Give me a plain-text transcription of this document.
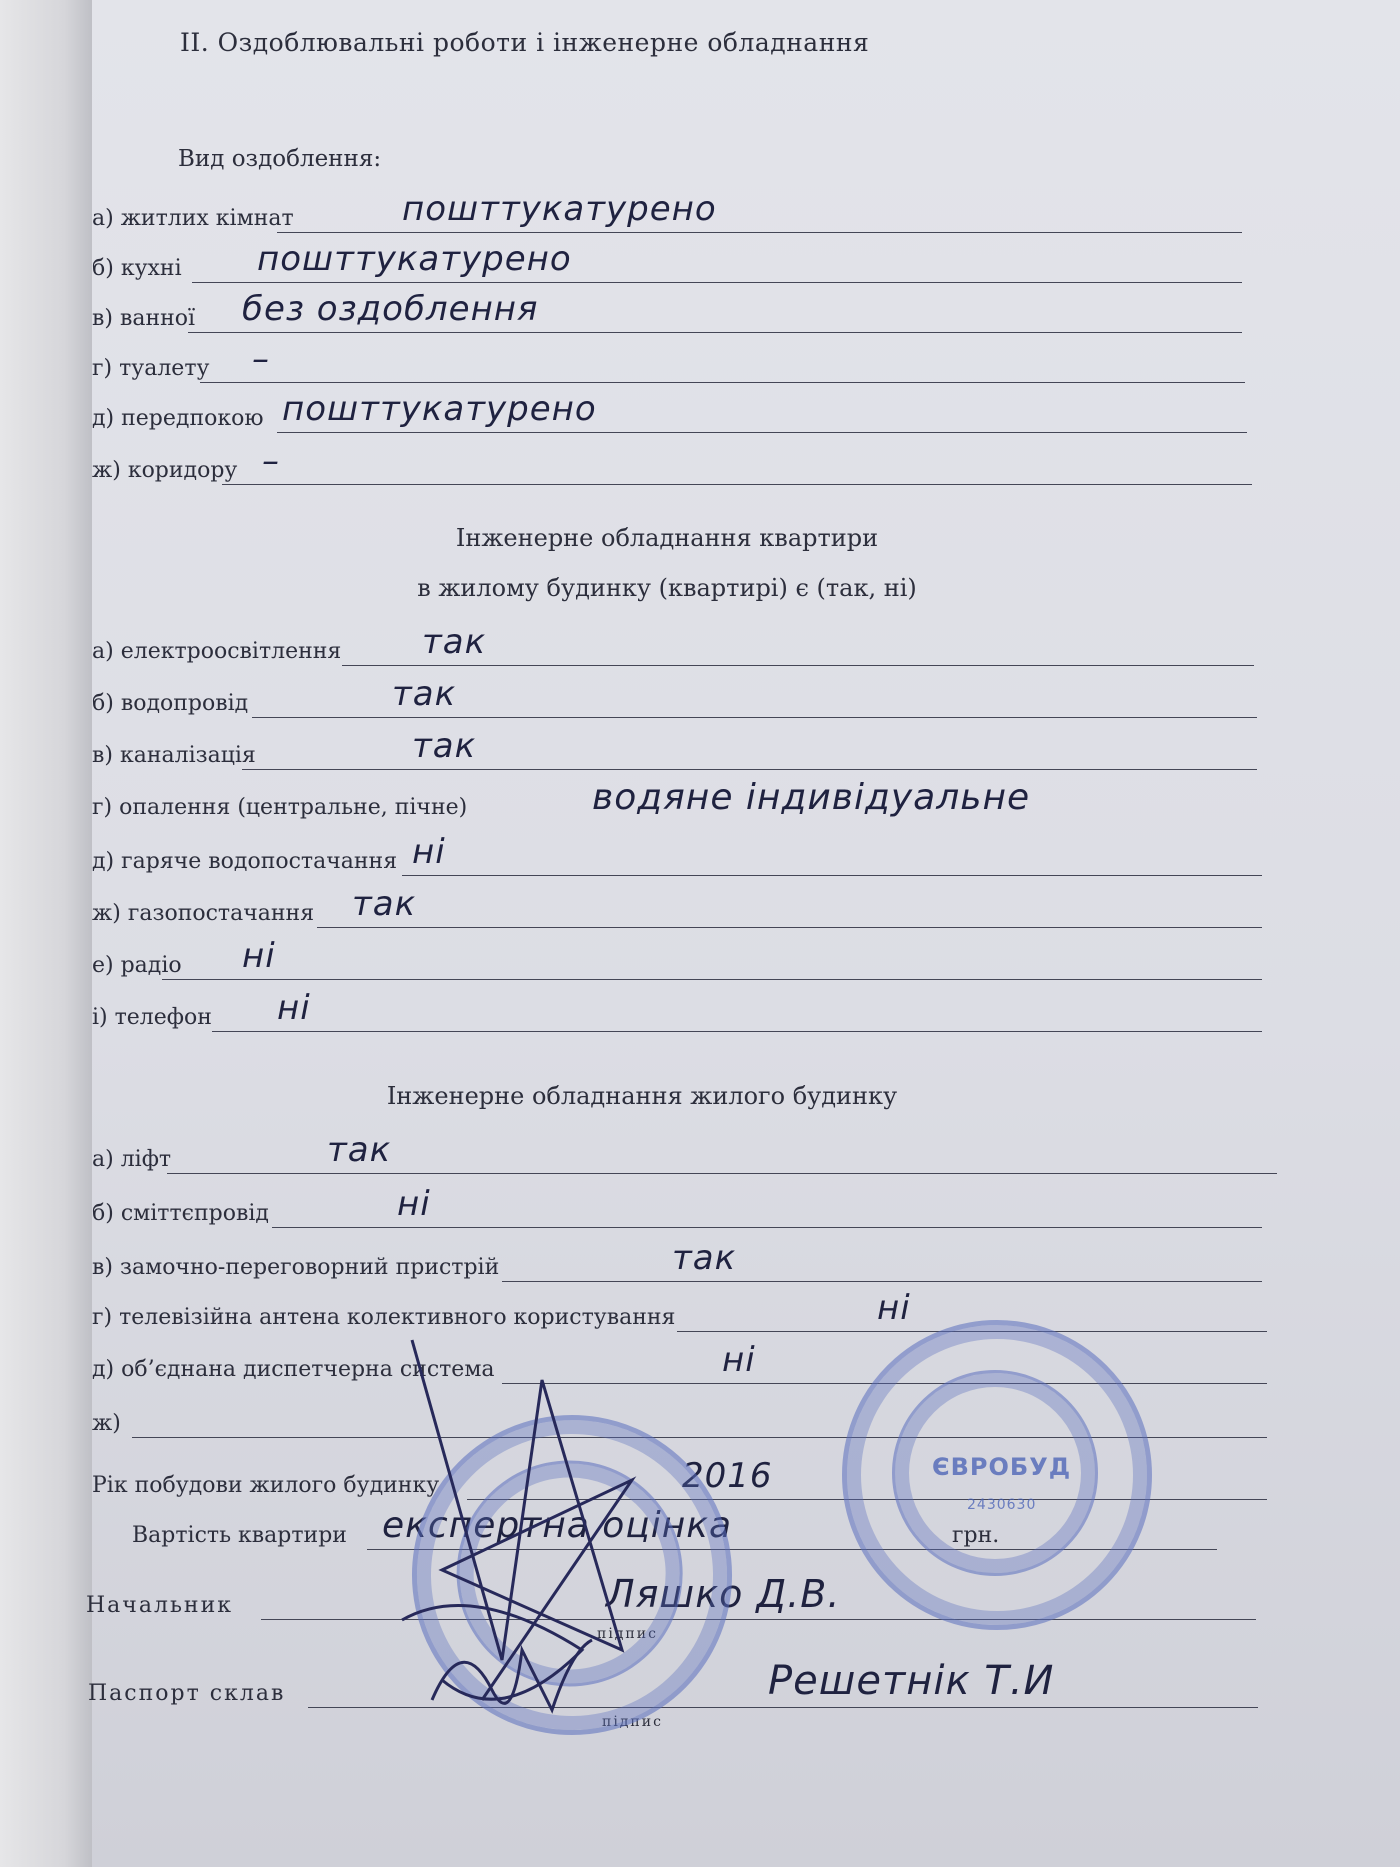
ІІ. Оздоблювальні роботи і інженерне обладнання
Вид оздоблення:
а) житлих кімнат	пошттукатурено
б) кухні пошттукатурено
в) ванної без оздоблення
г) туалету –
д) передпокою пошттукатурено
ж) коридору –
Інженерне обладнання квартири
в жилому будинку (квартирі) є (так, ні)
а) електроосвітлення так
б) водопровід	так
в) каналізація	так
г) опалення (центральне, пічне)	водяне індивідуальне
д) гаряче водопостачання ні
ж) газопостачання так
е) радіо ні
і) телефон ні
Інженерне обладнання жилого будинку
а) ліфт	так
б) сміттєпровід	ні
в) замочно-переговорний пристрій	так
г) телевізійна антена колективного користування	ні
д) об’єднана диспетчерна система	ні
ж)
Рік побудови жилого будинку	2016
Вартість квартири експертна оцінка	грн.
Начальник	Ляшко Д.В.
підпис
Паспорт склав	Решетнік Т.И
підпис
ЄВРОБУД
2430630
